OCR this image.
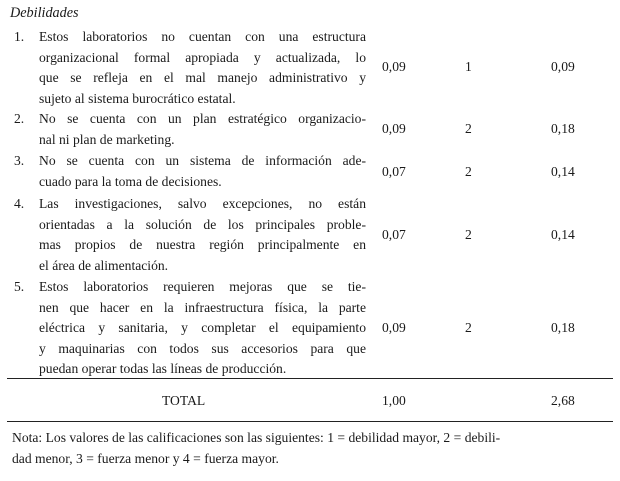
Debilidades
1. Estos laboratorios no cuentan con una estructura
organizacional formal apropiada y actualizada, lo
que se refleja en el mal manejo administrativo y
sujeto al sistema burocrático estatal.
0,09	1	0,09
2. No se cuenta con un plan estratégico organizacio-
nal ni plan de marketing.
0,09	2	0,18
3. No se cuenta con un sistema de información ade-
cuado para la toma de decisiones.
0,07	2	0,14
4. Las investigaciones, salvo excepciones, no están
orientadas a la solución de los principales proble-
mas propios de nuestra región principalmente en
el área de alimentación.
0,07	2	0,14
5. Estos laboratorios requieren mejoras que se tie-
nen que hacer en la infraestructura física, la parte
eléctrica y sanitaria, y completar el equipamiento
y maquinarias con todos sus accesorios para que
puedan operar todas las líneas de producción.
0,09	2	0,18
TOTAL	1,00	2,68
Nota: Los valores de las calificaciones son las siguientes: 1 = debilidad mayor, 2 = debili-
dad menor, 3 = fuerza menor y 4 = fuerza mayor.
